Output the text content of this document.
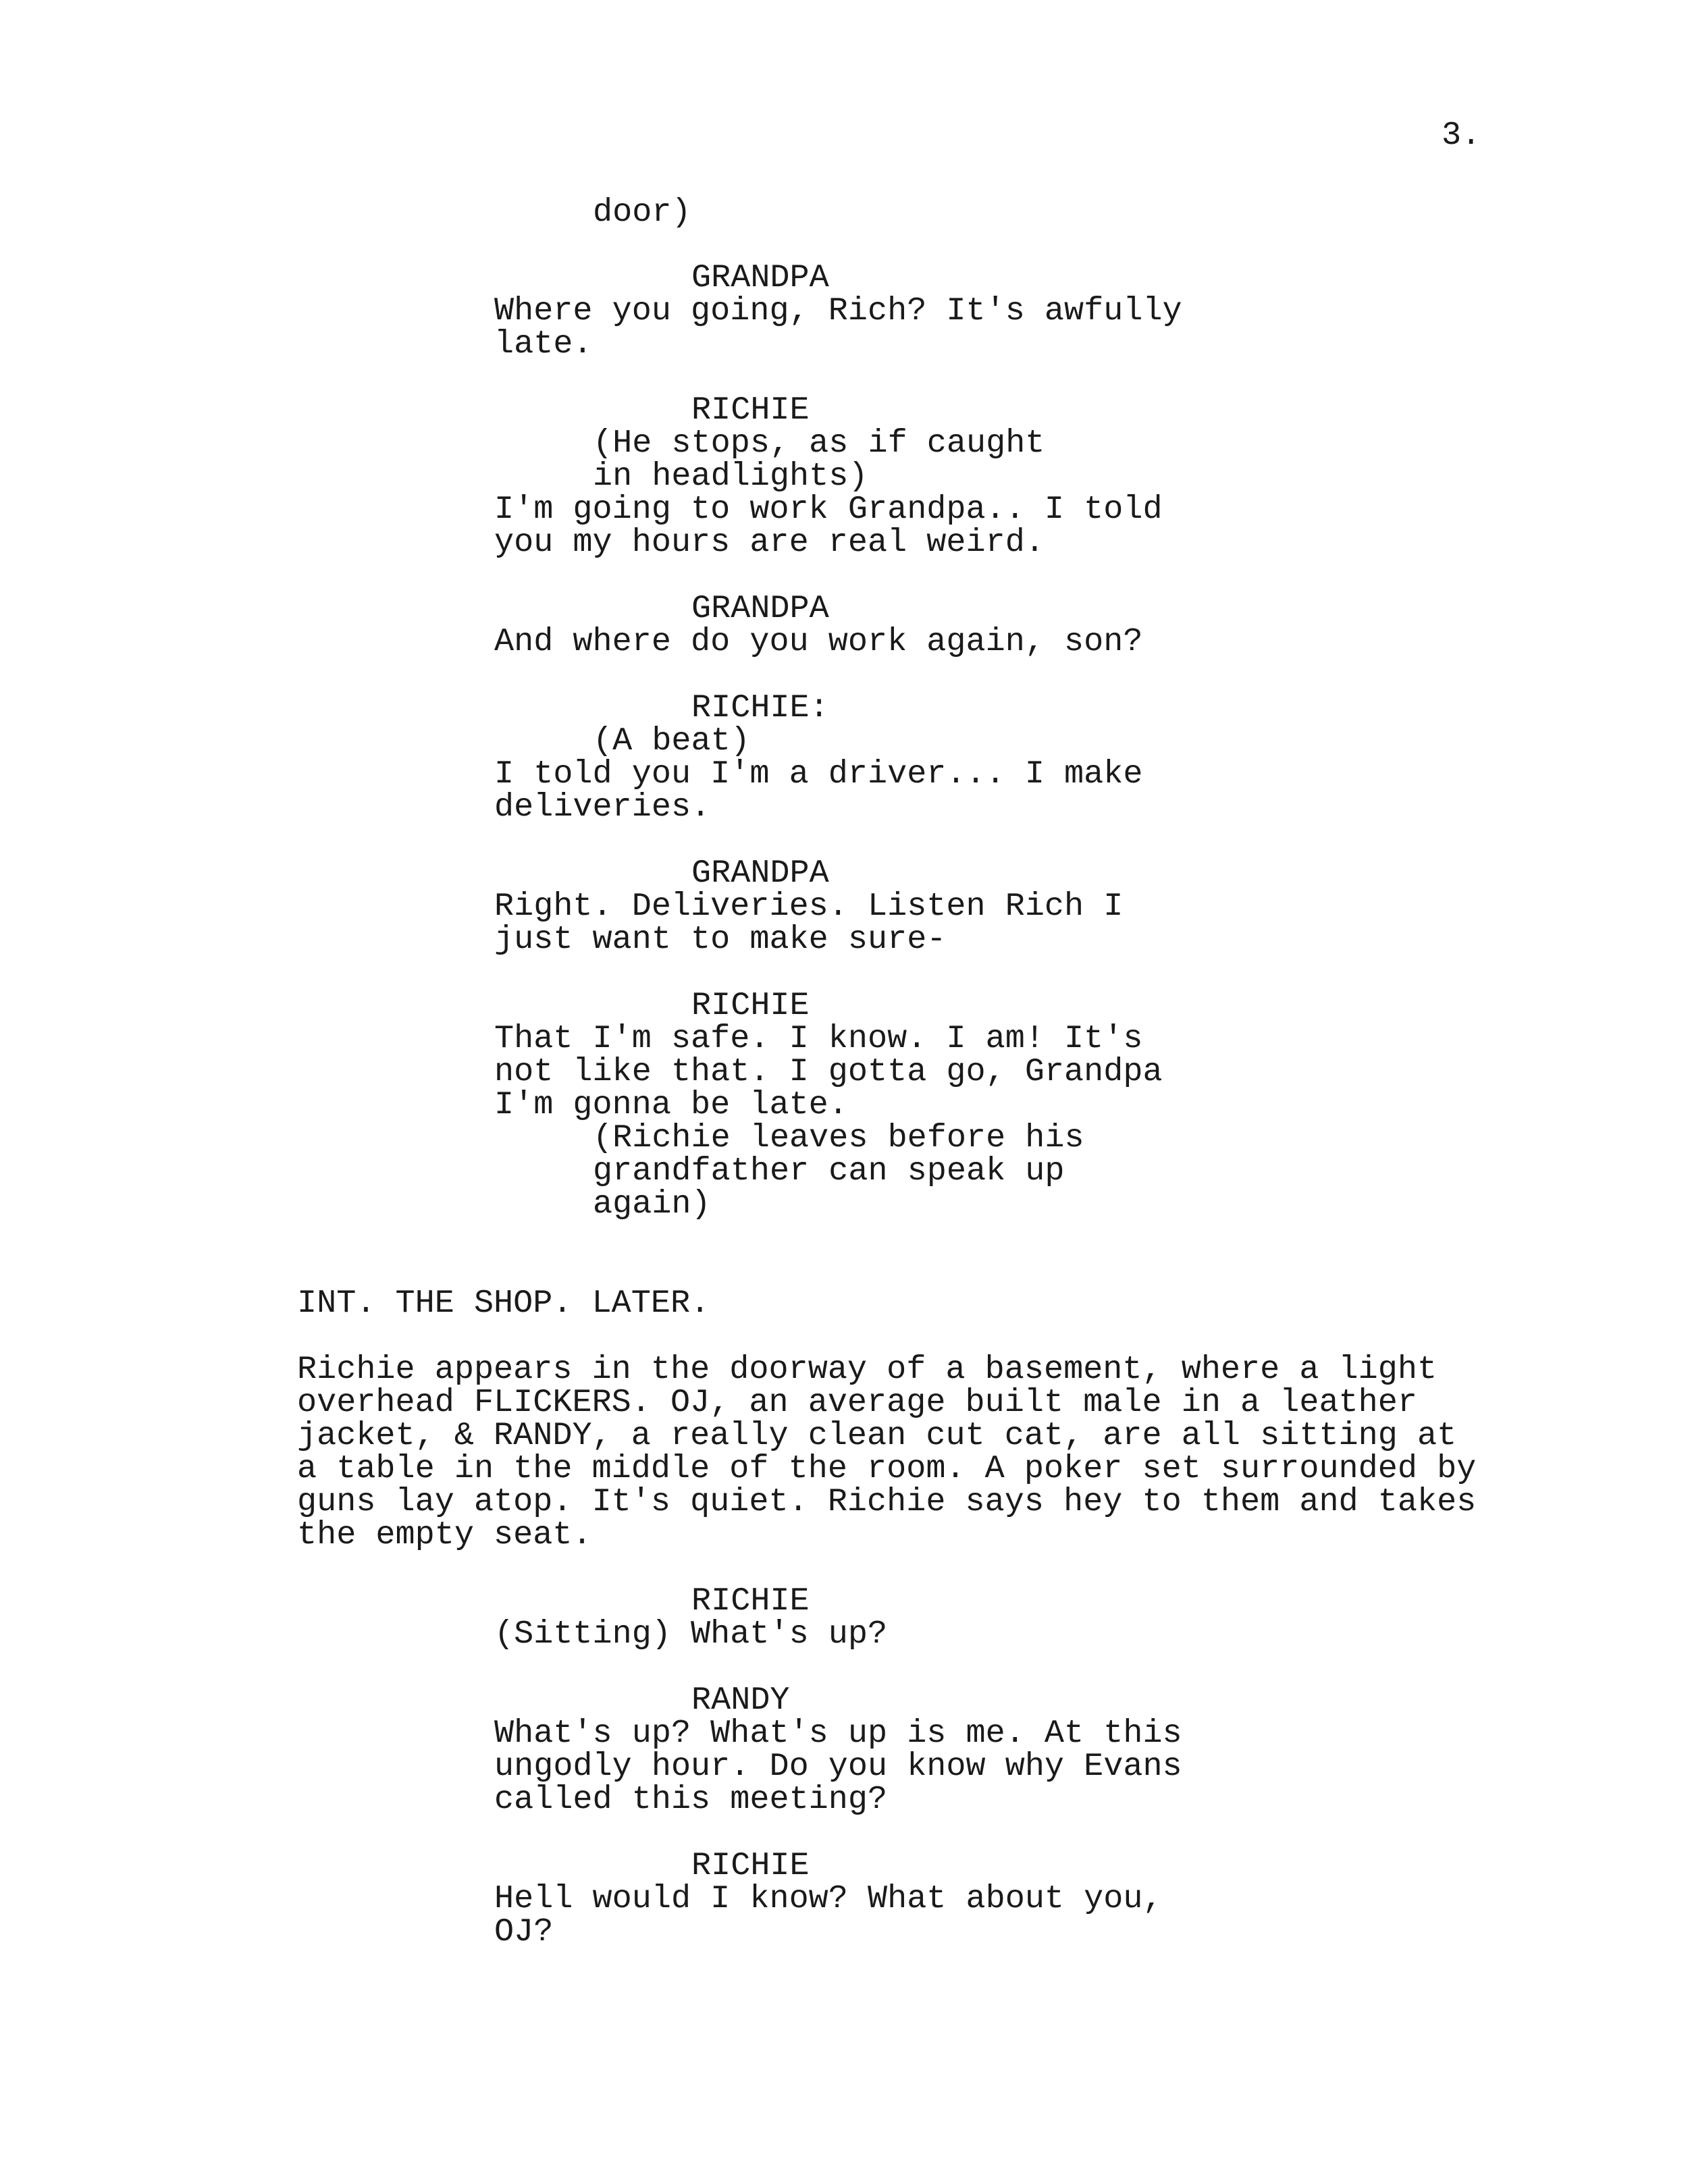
3.
door)
GRANDPA
Where you going, Rich? It's awfully
late.
RICHIE
(He stops, as if caught
in headlights)
I'm going to work Grandpa.. I told
you my hours are real weird.
GRANDPA
And where do you work again, son?
RICHIE:
(A beat)
I told you I'm a driver... I make
deliveries.
GRANDPA
Right. Deliveries. Listen Rich I
just want to make sure-
RICHIE
That I'm safe. I know. I am! It's
not like that. I gotta go, Grandpa
I'm gonna be late.
(Richie leaves before his
grandfather can speak up
again)
INT. THE SHOP. LATER.
Richie appears in the doorway of a basement, where a light
overhead FLICKERS. OJ, an average built male in a leather
jacket, & RANDY, a really clean cut cat, are all sitting at
a table in the middle of the room. A poker set surrounded by
guns lay atop. It's quiet. Richie says hey to them and takes
the empty seat.
RICHIE
(Sitting) What's up?
RANDY
What's up? What's up is me. At this
ungodly hour. Do you know why Evans
called this meeting?
RICHIE
Hell would I know? What about you,
OJ?
